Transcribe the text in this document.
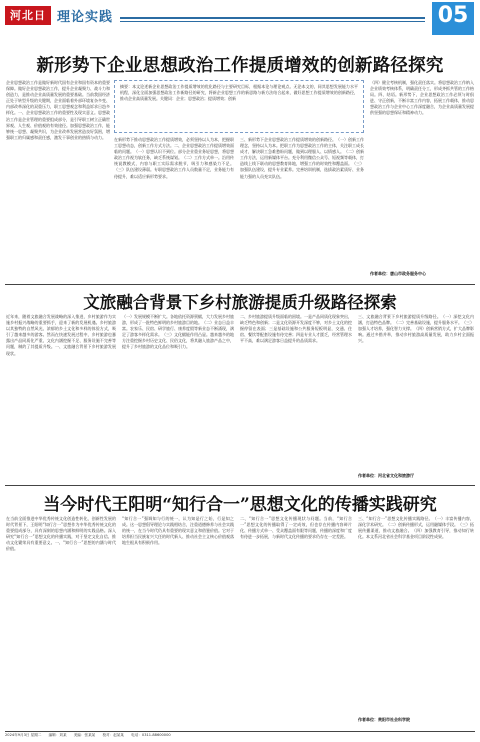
河北日报
理论实践	05
新形势下企业思想政治工作提质增效的创新路径探究
摘要：本文论述新企业思想政治工作提质增效的优化路径与主要研究目标，根据本论与理论观点。无论本文的，同其思想发展能力水平机程，深化全面加强思想政治工作新路径的研究，将新企业思想工作的新思路与新方法结合起来，做好思想工作提质增效的创新路径，推动企业高质量发展。关键词：企业；思想政治；提质增效；创新
企业思想政治工作是做好新时代国有企业和国有资本的重要保障。做好企业思想政治工作，提升企业凝聚力、战斗力和创造力，是推动企业高质量发展的重要基础。当前我国经济正处于转型升级的关键期，企业面临着外部环境复杂多变、内部改革深化的双重压力，职工思想观念和利益诉求日趋多样化。一、企业思想政治工作的重要性及现实意义。思想政治工作是企业管理的重要组成部分，是引导职工树立正确世界观、人生观、价值观的有效途径。加强思想政治工作，能够统一思想、凝聚共识，为企业改革发展营造良好氛围，增强职工的归属感和责任感，激发干事创业的热情与动力。	在新形势下推动思想政治工作提质增效，必须坚持以人为本，把握职工思想动态，创新工作方式方法。二、企业思想政治工作提质增效面临的问题。（一）思想认识不到位。部分企业重业务轻思想，将思想政治工作视为软任务，缺乏系统谋划。（二）工作方式单一。沿用传统说教模式，内容与职工实际需求脱节，吸引力和感染力不足。（三）队伍建设薄弱。专职思想政治工作人员数量不足，业务能力有待提升，难以适应新形势要求。
三、新形势下企业思想政治工作提质增效的创新路径。（一）创新工作理念，坚持以人为本。把职工作为思想政治工作的主体，关注职工成长成才，解决职工急难愁盼问题，做到以理服人、以情感人。（二）创新工作方法，运用新媒体平台。充分利用微信公众号、短视频等载体，打造线上线下联动的思想教育阵地，增强工作的时效性和覆盖面。（三）加强队伍建设，提升专业素养。完善培训机制，选拔政治素质好、业务能力强的人员充实队伍。
（四）健全考核机制，强化责任落实。将思想政治工作纳入企业绩效考核体系，明确责任分工，形成齐抓共管的工作格局。四、结语。新形势下，企业思想政治工作必须与时俱进、守正创新，不断丰富工作内容，拓展工作载体，推动思想政治工作与企业中心工作深度融合，为企业高质量发展提供坚强的思想保证和精神动力。
作者单位：唐山市政务服务中心
文旅融合背景下乡村旅游提质升级路径探索
近年来，随着文旅融合发展战略的深入推进，乡村旅游作为实施乡村振兴战略的重要抓手，迎来了新的发展机遇。乡村旅游以其独特的自然风光、浓郁的乡土文化和多样的体验方式，吸引了越来越多的游客。然而在快速发展过程中，乡村旅游也暴露出产品同质化严重、文化内涵挖掘不足、服务设施不完善等问题，制约了其提质升级。一、文旅融合背景下乡村旅游发展现状。
（一）发展规模不断扩大。各地依托资源禀赋，大力发展乡村旅游，形成了一批特色鲜明的乡村旅游目的地。（二）业态日益丰富。农家乐、民宿、研学旅行、康养度假等新业态不断涌现，满足了游客多样化需求。（三）文化赋能作用凸显。越来越多的地方注重挖掘乡村历史文化、民俗文化，将其融入旅游产品之中，提升了乡村旅游的文化品位和吸引力。
二、乡村旅游提质升级面临的困境。一是产品同质化现象突出，缺乏特色和创新；二是文化资源开发深度不够，对乡土文化的挖掘停留在表面；三是基础设施和公共服务短板明显，交通、住宿、餐饮等配套设施有待完善；四是专业人才匮乏，经营管理水平不高，难以满足游客日益提升的品质需求。
三、文旅融合背景下乡村旅游提质升级路径。（一）深挖文化内涵，打造特色品牌。（二）完善基础设施，提升服务水平。（三）加强人才培养，强化智力支撑。（四）创新营销方式，扩大品牌影响。通过多措并举，推动乡村旅游高质量发展，助力乡村全面振兴。
作者单位：河北省文化和旅游厅
当今时代王阳明“知行合一”思想文化的传播实践研究
在当前全面推进中华优秀传统文化创造性转化、创新性发展的时代背景下，王阳明“知行合一”思想作为中华优秀传统文化的重要组成部分，具有深刻的思想内涵和鲜明的实践品格。深入研究“知行合一”思想文化的传播实践，对于坚定文化自信、推动文化繁荣具有重要意义。一、“知行合一”思想的内涵与时代价值。
“知行合一”强调知与行的统一，认为知是行之始，行是知之成。这一思想倡导理论与实践相结合，注重道德修养与社会实践的统一，在当今时代仍具有重要的现实意义和借鉴价值。它对于培养担当民族复兴大任的时代新人、推动社会主义核心价值观落地生根具有积极作用。
二、“知行合一”思想文化传播现状与问题。当前，“知行合一”思想文化的传播取得了一定成效，但也存在传播内容碎片化、传播方式单一、受众覆盖面有限等问题，传播的深度和广度有待进一步拓展，与新时代文化传播的要求仍存在一定差距。
三、“知行合一”思想文化传播实践路径。（一）丰富传播内容，深化学术研究。（二）创新传播形式，运用融媒体手段。（三）拓展传播渠道，推动文旅融合。（四）加强教育引导，推动知行转化。本文系河北省社会科学基金项目阶段性成果。
作者单位：贵阳市社会科学院
2024年9月3日 星期二 编辑：刘某 美编：张某某 校对：赵某某 电话：0311-88600000
